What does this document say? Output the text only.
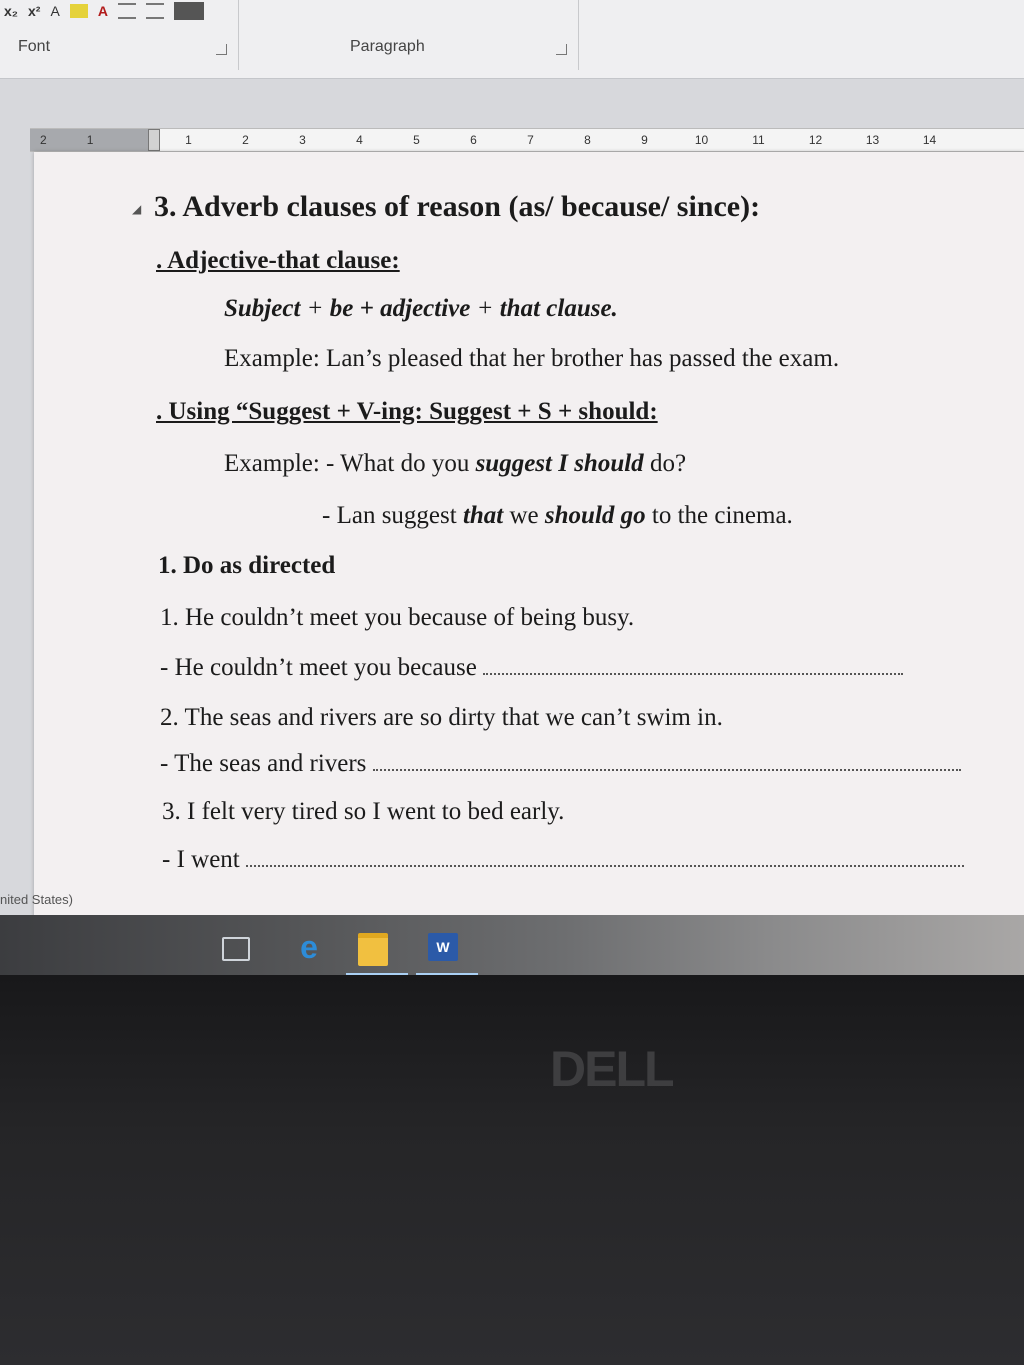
x₂ x² A	A
Font	Paragraph
2	1	1	2	3	4	5	6	7	8	9	10	11	12	13	14
◢ 3. Adverb clauses of reason (as/ because/ since):
. Adjective-that clause:
Subject + be + adjective + that clause.
Example: Lan’s pleased that her brother has passed the exam.
. Using “Suggest + V-ing: Suggest + S + should:
Example: - What do you suggest I should do?
- Lan suggest that we should go to the cinema.
1. Do as directed
1. He couldn’t meet you because of being busy.
- He couldn’t meet you because
2. The seas and rivers are so dirty that we can’t swim in.
- The seas and rivers
3. I felt very tired so I went to bed early.
- I went
nited States)
e	W
DELL
